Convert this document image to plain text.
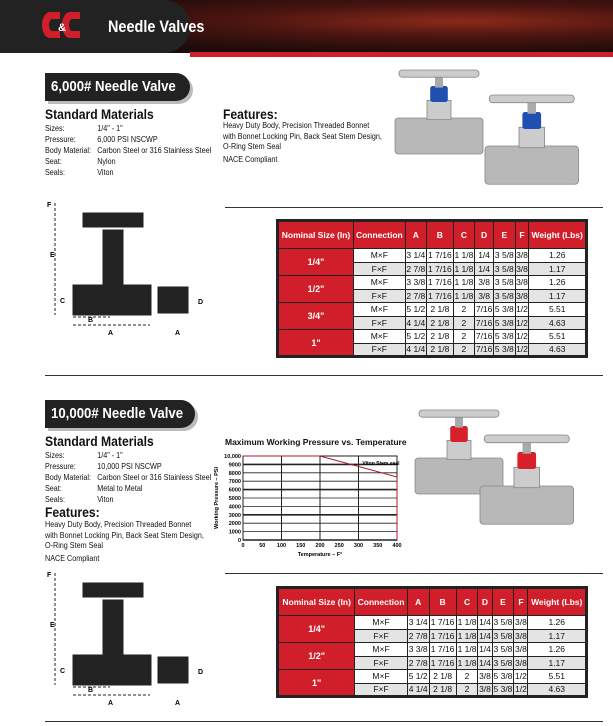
& Needle Valves
6,000# Needle Valve
Standard Materials
Sizes:	1/4" - 1"
Pressure:	6,000 PSI NSCWP
Body Material: Carbon Steel or 316 Stainless Steel
Seat:	Nylon
Seals:	Viton
Features:
Heavy Duty Body, Precision Threaded Bonnet
with Bonnet Locking Pin, Back Seat Stem Design,
O-Ring Stem Seal
NACE Compliant
F
E
C
B
A	A
D
Nominal Size (In)	Connection	A	B	C	D	E	F	Weight (Lbs)
1/4"	M×F	3 1/4	1 7/16	1 1/8	1/4	3 5/8	3/8	1.26
	F×F	2 7/8	1 7/16	1 1/8	1/4	3 5/8	3/8	1.17
1/2"	M×F	3 3/8	1 7/16	1 1/8	3/8	3 5/8	3/8	1.26
	F×F	2 7/8	1 7/16	1 1/8	3/8	3 5/8	3/8	1.17
3/4"	M×F	5 1/2	2 1/8	2	7/16	5 3/8	1/2	5.51
	F×F	4 1/4	2 1/8	2	7/16	5 3/8	1/2	4.63
1"	M×F	5 1/2	2 1/8	2	7/16	5 3/8	1/2	5.51
	F×F	4 1/4	2 1/8	2	7/16	5 3/8	1/2	4.63
10,000# Needle Valve
Standard Materials
Sizes:	1/4" - 1"
Pressure:	10,000 PSI NSCWP
Body Material: Carbon Steel or 316 Stainless Steel
Seat:	Metal to Metal
Seals:	Viton
Features:
Heavy Duty Body, Precision Threaded Bonnet
with Bonnet Locking Pin, Back Seat Stem Design,
O-Ring Stem Seal
NACE Compliant
Maximum Working Pressure vs. Temperature
0
1000
2000
3000
4000
5000
6000
7000
8000
9000
10,000
0	50 100 150 200 250 300 350 400
Viton Stem seal
Temperature – F°
Working Pressure – PSI
F
E
C
B
A	A
D
Nominal Size (In)	Connection	A	B	C	D	E	F	Weight (Lbs)
1/4"	M×F	3 1/4	1 7/16	1 1/8	1/4	3 5/8	3/8	1.26
	F×F	2 7/8	1 7/16	1 1/8	1/4	3 5/8	3/8	1.17
1/2"	M×F	3 3/8	1 7/16	1 1/8	1/4	3 5/8	3/8	1.26
	F×F	2 7/8	1 7/16	1 1/8	1/4	3 5/8	3/8	1.17
1"	M×F	5 1/2	2 1/8	2	3/8	5 3/8	1/2	5.51
	F×F	4 1/4	2 1/8	2	3/8	5 3/8	1/2	4.63
